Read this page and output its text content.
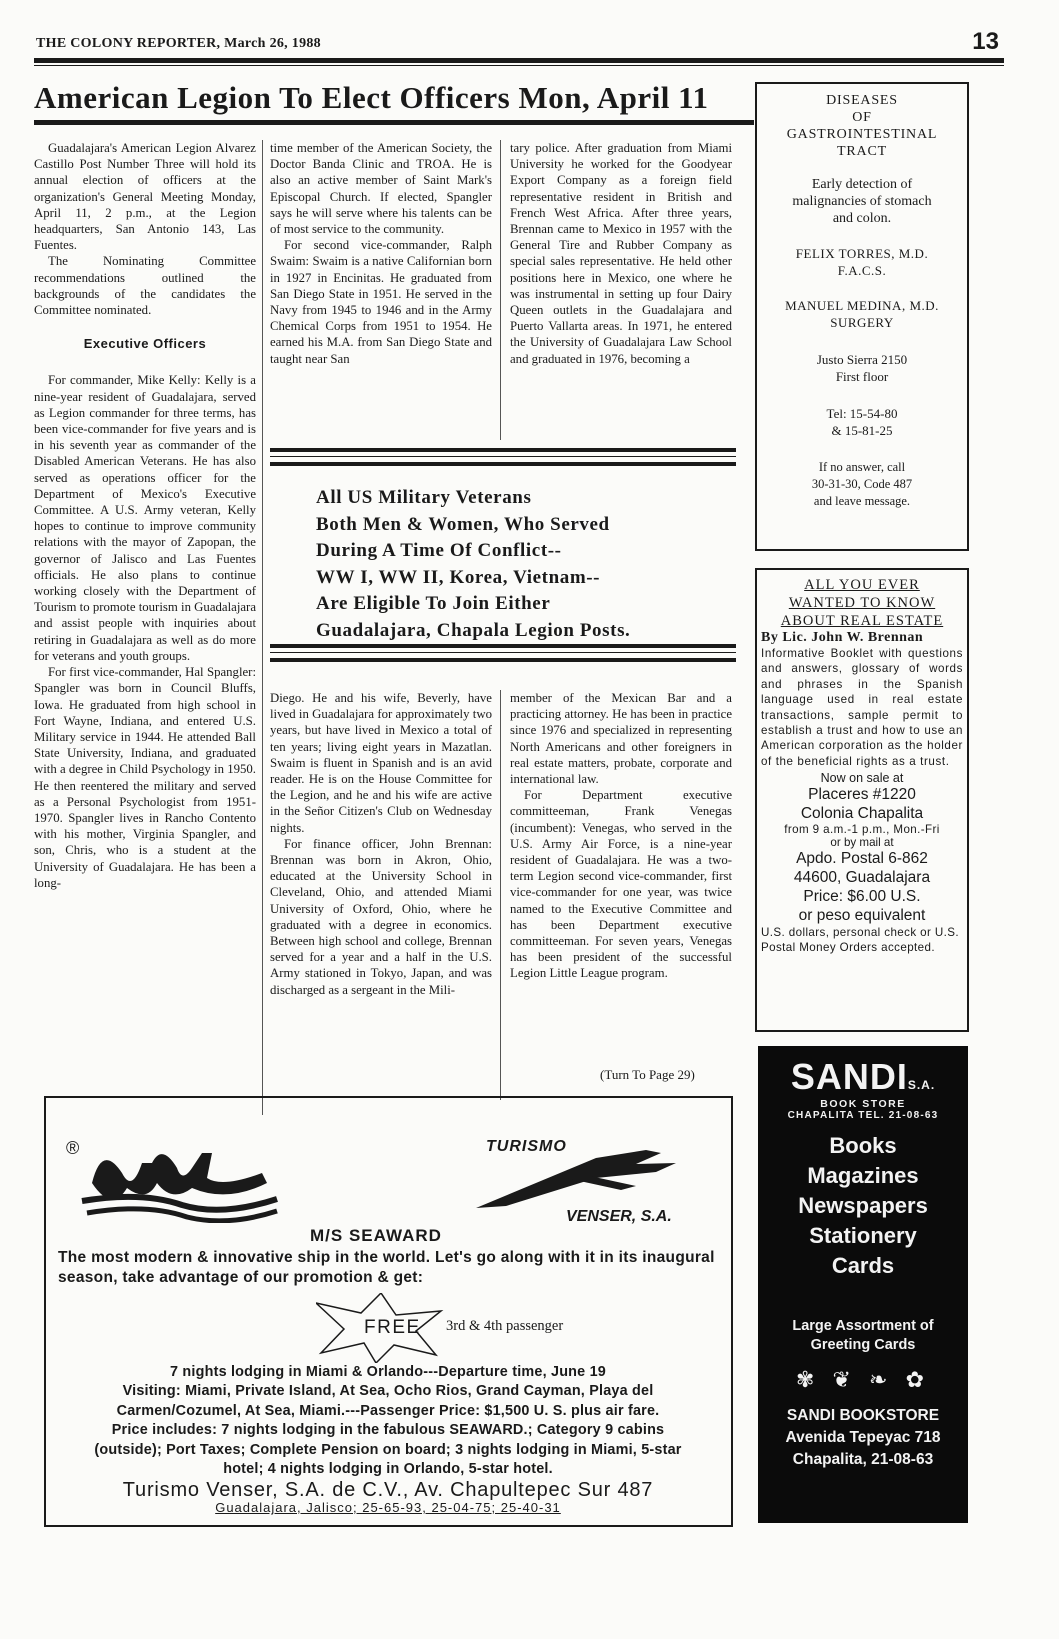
THE COLONY REPORTER, March 26, 1988	13
American Legion To Elect Officers Mon, April 11

Guadalajara's American Legion Alvarez Castillo Post Number Three will hold its annual election of officers at the organization's General Meeting Monday, April 11, 2 p.m., at the Legion headquarters, San Antonio 143, Las Fuentes.

The Nominating Committee recommendations outlined the backgrounds of the candidates the Committee nominated.

Executive Officers

For commander, Mike Kelly: Kelly is a nine-year resident of Guadalajara, served as Legion commander for three terms, has been vice-commander for five years and is in his seventh year as commander of the Disabled American Veterans. He has also served as operations officer for the Department of Mexico's Executive Committee. A U.S. Army veteran, Kelly hopes to continue to improve community relations with the mayor of Zapopan, the governor of Jalisco and Las Fuentes officials. He also plans to continue working closely with the Department of Tourism to promote tourism in Guadalajara and assist people with inquiries about retiring in Guadalajara as well as do more for veterans and youth groups.

For first vice-commander, Hal Spangler: Spangler was born in Council Bluffs, Iowa. He graduated from high school in Fort Wayne, Indiana, and entered U.S. Military service in 1944. He attended Ball State University, Indiana, and graduated with a degree in Child Psychology in 1950. He then reentered the military and served as a Personal Psychologist from 1951-1970. Spangler lives in Rancho Contento with his mother, Virginia Spangler, and son, Chris, who is a student at the University of Guadalajara. He has been a long-

time member of the American Society, the Doctor Banda Clinic and TROA. He is also an active member of Saint Mark's Episcopal Church. If elected, Spangler says he will serve where his talents can be of most service to the community.

For second vice-commander, Ralph Swaim: Swaim is a native Californian born in 1927 in Encinitas. He graduated from San Diego State in 1951. He served in the Navy from 1945 to 1946 and in the Army Chemical Corps from 1951 to 1954. He earned his M.A. from San Diego State and taught near San

tary police. After graduation from Miami University he worked for the Goodyear Export Company as a foreign field representative resident in British and French West Africa. After three years, Brennan came to Mexico in 1957 with the General Tire and Rubber Company as special sales representative. He held other positions here in Mexico, one where he was instrumental in setting up four Dairy Queen outlets in the Guadalajara and Puerto Vallarta areas. In 1971, he entered the University of Guadalajara Law School and graduated in 1976, becoming a

All US Military Veterans
Both Men & Women, Who Served
During A Time Of Conflict--
WW I, WW II, Korea, Vietnam--
Are Eligible To Join Either
Guadalajara, Chapala Legion Posts.

Diego. He and his wife, Beverly, have lived in Guadalajara for approximately two years, but have lived in Mexico a total of ten years; living eight years in Mazatlan. Swaim is fluent in Spanish and is an avid reader. He is on the House Committee for the Legion, and he and his wife are active in the Señor Citizen's Club on Wednesday nights.

For finance officer, John Brennan: Brennan was born in Akron, Ohio, educated at the University School in Cleveland, Ohio, and attended Miami University of Oxford, Ohio, where he graduated with a degree in economics. Between high school and college, Brennan served for a year and a half in the U.S. Army stationed in Tokyo, Japan, and was discharged as a sergeant in the Mili-

member of the Mexican Bar and a practicing attorney. He has been in practice since 1976 and specialized in representing North Americans and other foreigners in real estate matters, probate, corporate and international law.

For Department executive committeeman, Frank Venegas (incumbent): Venegas, who served in the U.S. Army Air Force, is a nine-year resident of Guadalajara. He was a two-term Legion second vice-commander, first vice-commander for one year, was twice named to the Executive Committee and has been Department executive committeeman. For seven years, Venegas has been president of the successful Legion Little League program.

(Turn To Page 29)
DISEASES
OF
GASTROINTESTINAL
TRACT
Early detection of
malignancies of stomach
and colon.
FELIX TORRES, M.D.
F.A.C.S.
MANUEL MEDINA, M.D.
SURGERY
Justo Sierra 2150
First floor
Tel: 15-54-80
& 15-81-25
If no answer, call
30-31-30, Code 487
and leave message.
ALL YOU EVER
WANTED TO KNOW
ABOUT REAL ESTATE
By Lic. John W. Brennan
Informative Booklet with questions and answers, glossary of words and phrases in the Spanish language used in real estate transactions, sample permit to establish a trust and how to use an American corporation as the holder of the beneficial rights as a trust.
Now on sale at
Placeres #1220
Colonia Chapalita
from 9 a.m.-1 p.m., Mon.-Fri
or by mail at
Apdo. Postal 6-862
44600, Guadalajara
Price: $6.00 U.S.
or peso equivalent
U.S. dollars, personal check or U.S. Postal Money Orders accepted.
SANDIS.A.
BOOK STORE
CHAPALITA TEL. 21-08-63
Books
Magazines
Newspapers
Stationery
Cards
Large Assortment of
Greeting Cards
✾ ❦ ❧ ✿
SANDI BOOKSTORE
Avenida Tepeyac 718
Chapalita, 21-08-63
®	TURISMO
VENSER, S.A.
M/S SEAWARD
The most modern & innovative ship in the world. Let's go along with it in its inaugural season, take advantage of our promotion & get:
FREE 3rd & 4th passenger
7 nights lodging in Miami & Orlando---Departure time, June 19
Visiting: Miami, Private Island, At Sea, Ocho Rios, Grand Cayman, Playa del
Carmen/Cozumel, At Sea, Miami.---Passenger Price: $1,500 U. S. plus air fare.
Price includes: 7 nights lodging in the fabulous SEAWARD.; Category 9 cabins
(outside); Port Taxes; Complete Pension on board; 3 nights lodging in Miami, 5-star
hotel; 4 nights lodging in Orlando, 5-star hotel.
Turismo Venser, S.A. de C.V., Av. Chapultepec Sur 487
Guadalajara, Jalisco; 25-65-93, 25-04-75; 25-40-31
